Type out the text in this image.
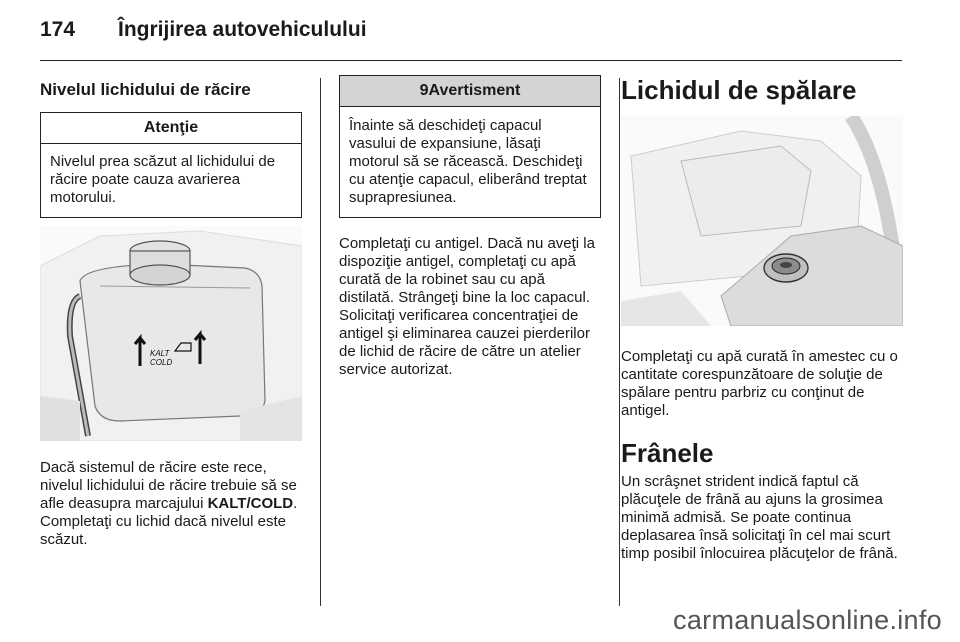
174 Îngrijirea autovehiculului
Nivelul lichidului de răcire
Atenţie
Nivelul prea scăzut al lichidului de răcire poate cauza avarierea motorului.
KALT
COLD

Dacă sistemul de răcire este rece, nivelul lichidului de răcire trebuie să se afle deasupra marcajului KALT/COLD. Completaţi cu lichid dacă nivelul este scăzut.

9Avertisment
Înainte să deschideţi capacul vasului de expansiune, lăsaţi motorul să se răcească. Deschideţi cu atenţie capacul, eliberând treptat suprapresiunea.

Completaţi cu antigel. Dacă nu aveţi la dispoziţie antigel, completaţi cu apă curată de la robinet sau cu apă distilată. Strângeţi bine la loc capacul. Solicitaţi verificarea concentraţiei de antigel şi eliminarea cauzei pierderilor de lichid de răcire de către un atelier service autorizat.

Lichidul de spălare

Completaţi cu apă curată în amestec cu o cantitate corespunzătoare de soluţie de spălare pentru parbriz cu conţinut de antigel.

Frânele

Un scrâşnet strident indică faptul că plăcuţele de frână au ajuns la grosimea minimă admisă. Se poate continua deplasarea însă solicitaţi în cel mai scurt timp posibil înlocuirea plăcuţelor de frână.

carmanualsonline.info
